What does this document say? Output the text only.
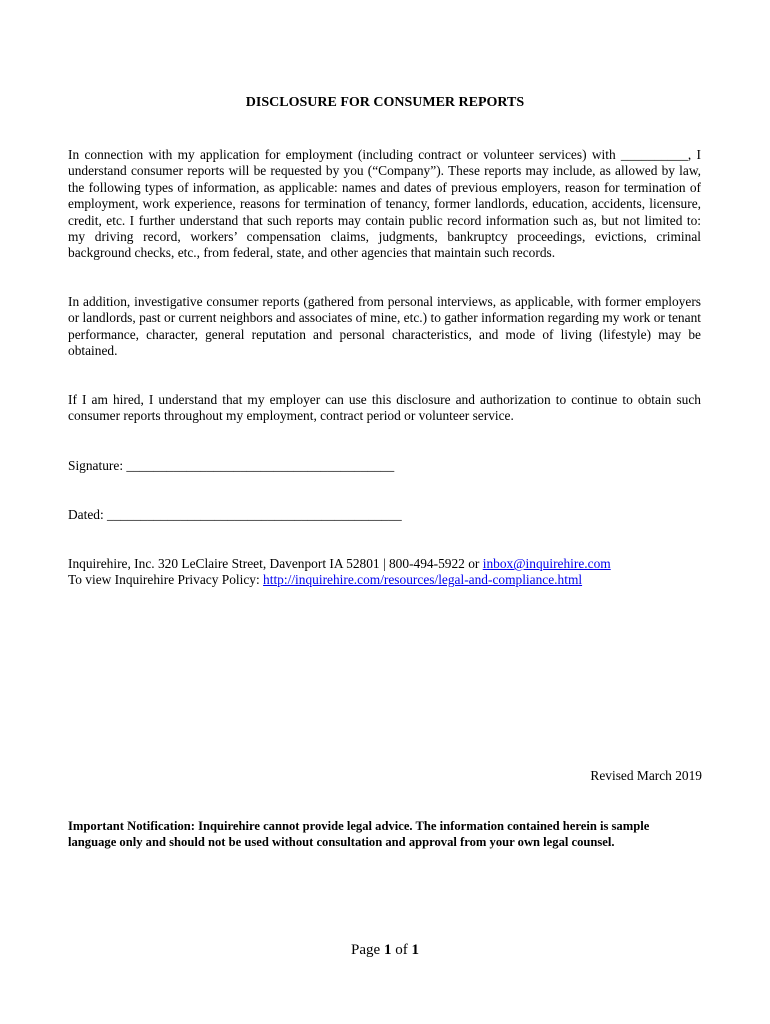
DISCLOSURE FOR CONSUMER REPORTS
In connection with my application for employment (including contract or volunteer services) with __________, I understand consumer reports will be requested by you (“Company”). These reports may include, as allowed by law, the following types of information, as applicable: names and dates of previous employers, reason for termination of employment, work experience, reasons for termination of tenancy, former landlords, education, accidents, licensure, credit, etc. I further understand that such reports may contain public record information such as, but not limited to: my driving record, workers’ compensation claims, judgments, bankruptcy proceedings, evictions, criminal background checks, etc., from federal, state, and other agencies that maintain such records.
In addition, investigative consumer reports (gathered from personal interviews, as applicable, with former employers or landlords, past or current neighbors and associates of mine, etc.) to gather information regarding my work or tenant performance, character, general reputation and personal characteristics, and mode of living (lifestyle) may be obtained.
If I am hired, I understand that my employer can use this disclosure and authorization to continue to obtain such consumer reports throughout my employment, contract period or volunteer service.
Signature: ________________________________________
Dated: ____________________________________________
Inquirehire, Inc. 320 LeClaire Street, Davenport IA 52801 | 800-494-5922 or inbox@inquirehire.com
To view Inquirehire Privacy Policy: http://inquirehire.com/resources/legal-and-compliance.html
Revised March 2019
Important Notification: Inquirehire cannot provide legal advice. The information contained herein is sample language only and should not be used without consultation and approval from your own legal counsel.
Page 1 of 1
